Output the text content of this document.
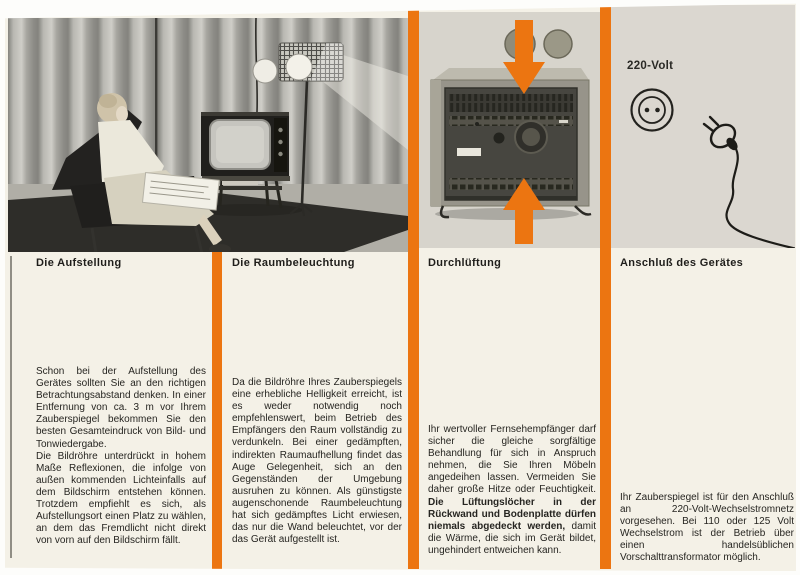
220-Volt
Die Aufstellung	Die Raumbeleuchtung	Durchlüftung	Anschluß des Gerätes

Schon bei der Aufstellung des Gerätes sollten Sie an den richtigen Betrachtungsabstand denken. In einer Entfernung von ca. 3 m vor Ihrem Zauberspiegel bekommen Sie den besten Gesamteindruck von Bild- und Tonwiedergabe.

Die Bildröhre unterdrückt in hohem Maße Reflexionen, die infolge von außen kommenden Lichteinfalls auf dem Bildschirm entstehen können. Trotzdem empfiehlt es sich, als Aufstellungsort einen Platz zu wählen, an dem das Fremdlicht nicht direkt von vorn auf den Bildschirm fällt.

Da die Bildröhre Ihres Zauberspiegels eine erhebliche Helligkeit erreicht, ist es weder notwendig noch empfehlenswert, beim Betrieb des Empfängers den Raum vollständig zu verdunkeln. Bei einer gedämpften, indirekten Raumaufhellung findet das Auge Gelegenheit, sich an den Gegenständen der Umgebung ausruhen zu können. Als günstigste augenschonende Raumbeleuchtung hat sich gedämpftes Licht erwiesen, das nur die Wand beleuchtet, vor der das Gerät aufgestellt ist.

Ihr wertvoller Fernsehempfänger darf sicher die gleiche sorgfältige Behandlung für sich in Anspruch nehmen, die Sie Ihren Möbeln angedeihen lassen. Vermeiden Sie daher große Hitze oder Feuchtigkeit. Die Lüftungslöcher in der Rückwand und Bodenplatte dürfen niemals abgedeckt werden, damit die Wärme, die sich im Gerät bildet, ungehindert entweichen kann.

Ihr Zauberspiegel ist für den Anschluß an 220-Volt-Wechselstromnetz vorgesehen. Bei 110 oder 125 Volt Wechselstrom ist der Betrieb über einen handelsüblichen Vorschalttransformator möglich.
